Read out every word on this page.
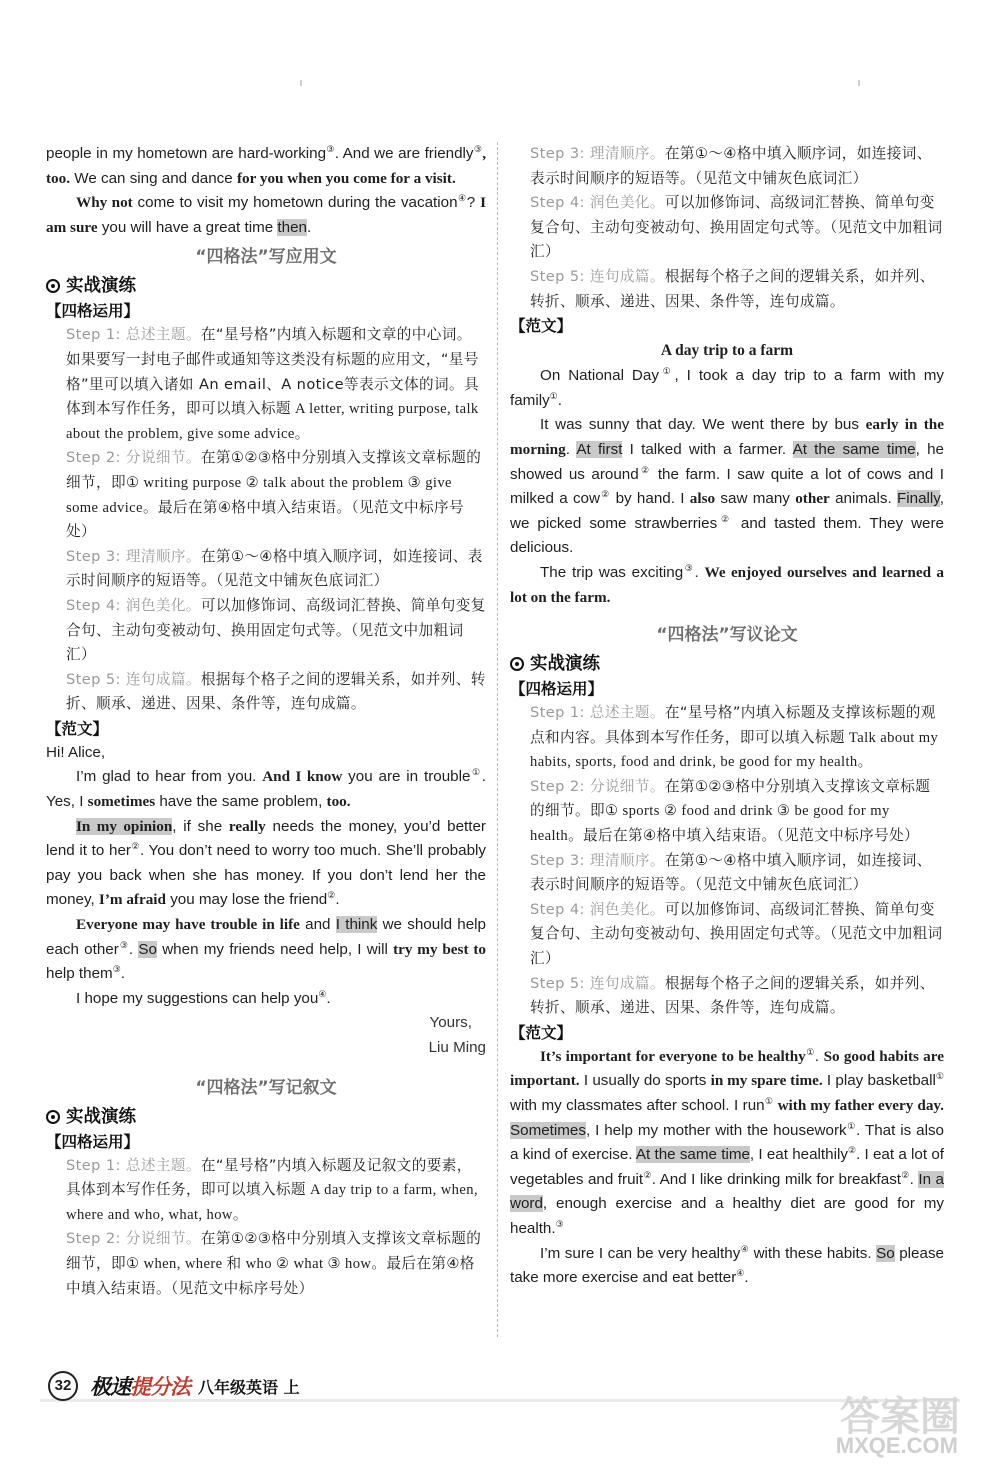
people in my hometown are hard-working③. And we are friendly③, too. We can sing and dance for you when you come for a visit.

Why not come to visit my hometown during the vacation④? I am sure you will have a great time then.

“四格法”写应用文
实战演练
【四格运用】
Step 1: 总述主题。在“星号格”内填入标题和文章的中心词。如果要写一封电子邮件或通知等这类没有标题的应用文，“星号格”里可以填入诸如 An email、A notice等表示文体的词。具体到本写作任务，即可以填入标题 A letter, writing purpose, talk about the problem, give some advice。
Step 2: 分说细节。在第①②③格中分别填入支撑该文章标题的细节，即① writing purpose ② talk about the problem ③ give some advice。最后在第④格中填入结束语。（见范文中标序号处）
Step 3: 理清顺序。在第①～④格中填入顺序词，如连接词、表示时间顺序的短语等。（见范文中铺灰色底词汇）
Step 4: 润色美化。可以加修饰词、高级词汇替换、简单句变复合句、主动句变被动句、换用固定句式等。（见范文中加粗词汇）
Step 5: 连句成篇。根据每个格子之间的逻辑关系，如并列、转折、顺承、递进、因果、条件等，连句成篇。
【范文】

Hi! Alice,

I’m glad to hear from you. And I know you are in trouble①. Yes, I sometimes have the same problem, too.

In my opinion, if she really needs the money, you’d better lend it to her②. You don’t need to worry too much. She’ll probably pay you back when she has money. If you don’t lend her the money, I’m afraid you may lose the friend②.

Everyone may have trouble in life and I think we should help each other③. So when my friends need help, I will try my best to help them③.

I hope my suggestions can help you④.

Yours,

Liu Ming

“四格法”写记叙文
实战演练
【四格运用】
Step 1: 总述主题。在“星号格”内填入标题及记叙文的要素，具体到本写作任务，即可以填入标题 A day trip to a farm, when, where and who, what, how。
Step 2: 分说细节。在第①②③格中分别填入支撑该文章标题的细节，即① when, where 和 who ② what ③ how。最后在第④格中填入结束语。（见范文中标序号处）
Step 3: 理清顺序。在第①～④格中填入顺序词，如连接词、表示时间顺序的短语等。（见范文中铺灰色底词汇）
Step 4: 润色美化。可以加修饰词、高级词汇替换、简单句变复合句、主动句变被动句、换用固定句式等。（见范文中加粗词汇）
Step 5: 连句成篇。根据每个格子之间的逻辑关系，如并列、转折、顺承、递进、因果、条件等，连句成篇。
【范文】
A day trip to a farm

On National Day①, I took a day trip to a farm with my family①.

It was sunny that day. We went there by bus early in the morning. At first I talked with a farmer. At the same time, he showed us around② the farm. I saw quite a lot of cows and I milked a cow② by hand. I also saw many other animals. Finally, we picked some strawberries② and tasted them. They were delicious.

The trip was exciting③. We enjoyed ourselves and learned a lot on the farm.

“四格法”写议论文
实战演练
【四格运用】
Step 1: 总述主题。在“星号格”内填入标题及支撑该标题的观点和内容。具体到本写作任务，即可以填入标题 Talk about my habits, sports, food and drink, be good for my health。
Step 2: 分说细节。在第①②③格中分别填入支撑该文章标题的细节。即① sports ② food and drink ③ be good for my health。最后在第④格中填入结束语。（见范文中标序号处）
Step 3: 理清顺序。在第①～④格中填入顺序词，如连接词、表示时间顺序的短语等。（见范文中铺灰色底词汇）
Step 4: 润色美化。可以加修饰词、高级词汇替换、简单句变复合句、主动句变被动句、换用固定句式等。（见范文中加粗词汇）
Step 5: 连句成篇。根据每个格子之间的逻辑关系，如并列、转折、顺承、递进、因果、条件等，连句成篇。
【范文】

It’s important for everyone to be healthy①. So good habits are important. I usually do sports in my spare time. I play basketball① with my classmates after school. I run① with my father every day. Sometimes, I help my mother with the housework①. That is also a kind of exercise. At the same time, I eat healthily②. I eat a lot of vegetables and fruit②. And I like drinking milk for breakfast②. In a word, enough exercise and a healthy diet are good for my health.③

I’m sure I can be very healthy④ with these habits. So please take more exercise and eat better④.

32 极速提分法 八年级英语 上
答案圈
MXQE.COM
